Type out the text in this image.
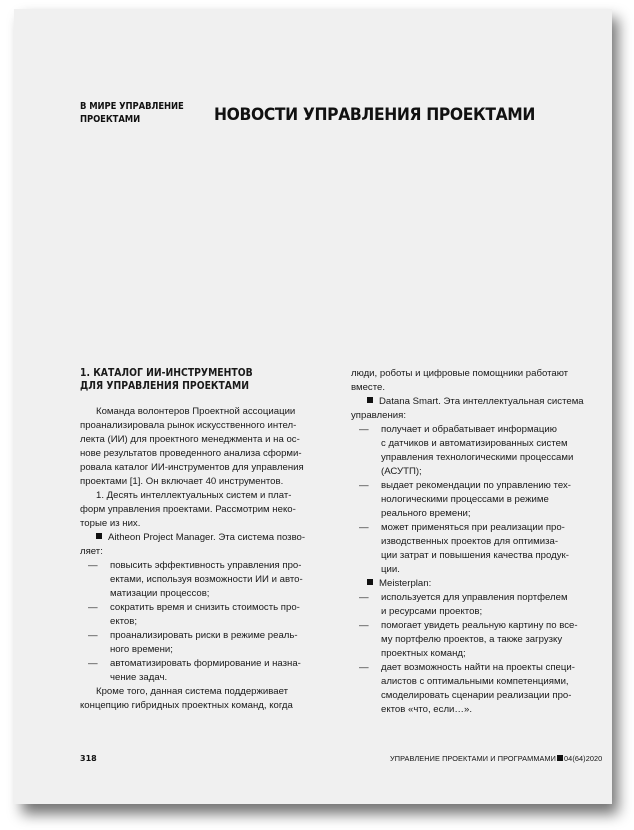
В МИРЕ УПРАВЛЕНИЕ
ПРОЕКТАМИ	НОВОСТИ УПРАВЛЕНИЯ ПРОЕКТАМИ
1. КАТАЛОГ ИИ-ИНСТРУМЕНТОВ
ДЛЯ УПРАВЛЕНИЯ ПРОЕКТАМИ
Команда волонтеров Проектной ассоциации
проанализировала рынок искусственного интел-
лекта (ИИ) для проектного менеджмента и на ос-
нове результатов проведенного анализа сформи-
ровала каталог ИИ-инструментов для управления
проектами [1]. Он включает 40 инструментов.
1. Десять интеллектуальных систем и плат-
форм управления проектами. Рассмотрим неко-
торые из них.
Aitheon Project Manager. Эта система позво-
ляет:
— повысить эффективность управления про-
ектами, используя возможности ИИ и авто-
матизации процессов;
— сократить время и снизить стоимость про-
ектов;
— проанализировать риски в режиме реаль-
ного времени;
— автоматизировать формирование и назна-
чение задач.
Кроме того, данная система поддерживает
концепцию гибридных проектных команд, когда
люди, роботы и цифровые помощники работают
вместе.
Datana Smart. Эта интеллектуальная система
управления:
— получает и обрабатывает информацию
с датчиков и автоматизированных систем
управления технологическими процессами
(АСУТП);
— выдает рекомендации по управлению тех-
нологическими процессами в режиме
реального времени;
— может применяться при реализации про-
изводственных проектов для оптимиза-
ции затрат и повышения качества продук-
ции.
Meisterplan:
— используется для управления портфелем
и ресурсами проектов;
— помогает увидеть реальную картину по все-
му портфелю проектов, а также загрузку
проектных команд;
— дает возможность найти на проекты специ-
алистов с оптимальными компетенциями,
смоделировать сценарии реализации про-
ектов «что, если…».
318	УПРАВЛЕНИЕ ПРОЕКТАМИ И ПРОГРАММАМИ 04(64)2020
